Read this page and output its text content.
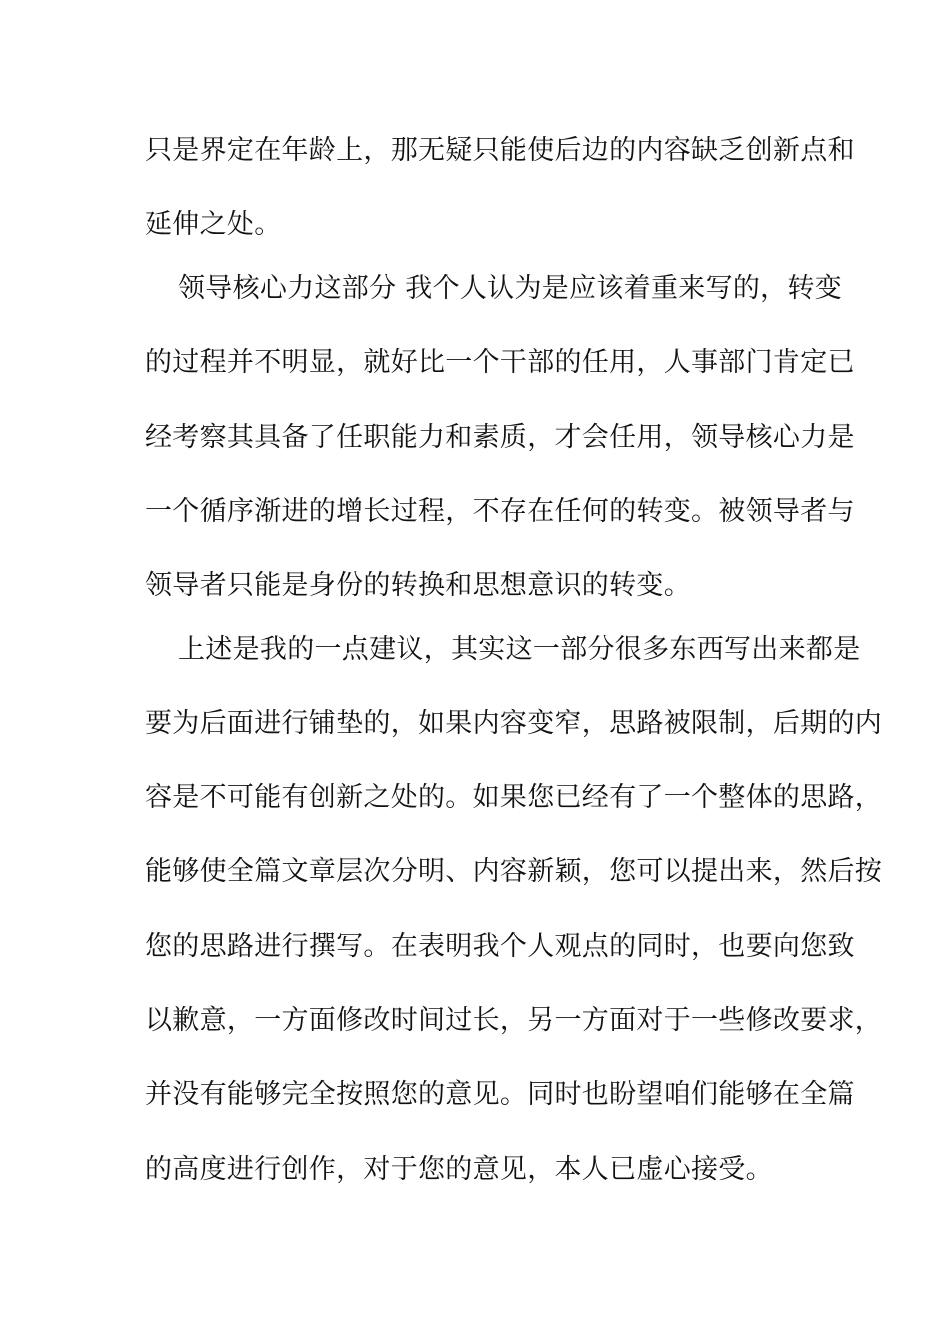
只是界定在年龄上，那无疑只能使后边的内容缺乏创新点和
延伸之处。
领导核心力这部分 我个人认为是应该着重来写的，转变
的过程并不明显，就好比一个干部的任用，人事部门肯定已
经考察其具备了任职能力和素质，才会任用，领导核心力是
一个循序渐进的增长过程，不存在任何的转变。被领导者与
领导者只能是身份的转换和思想意识的转变。
上述是我的一点建议，其实这一部分很多东西写出来都是
要为后面进行铺垫的，如果内容变窄，思路被限制，后期的内
容是不可能有创新之处的。如果您已经有了一个整体的思路，
能够使全篇文章层次分明、内容新颖，您可以提出来，然后按
您的思路进行撰写。在表明我个人观点的同时，也要向您致
以歉意，一方面修改时间过长，另一方面对于一些修改要求，
并没有能够完全按照您的意见。同时也盼望咱们能够在全篇
的高度进行创作，对于您的意见，本人已虚心接受。
